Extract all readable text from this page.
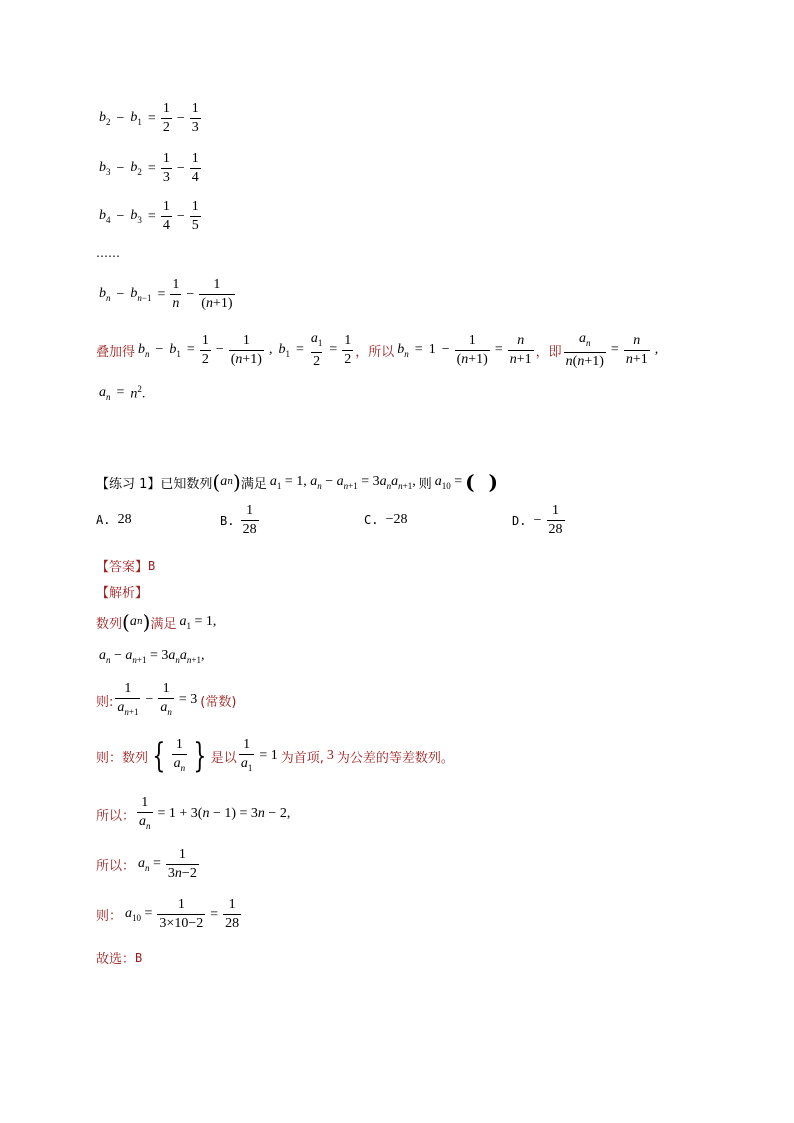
$b_2 - b_1 = \frac{1}{2} - \frac{1}{3}$
$b_3 - b_2 = \frac{1}{3} - \frac{1}{4}$
$b_4 - b_3 = \frac{1}{4} - \frac{1}{5}$
……
$b_n - b_{n-1} = \frac{1}{n} - \frac{1}{(n+1)}$
叠加得 $b_n - b_1 = \frac{1}{2} - \frac{1}{(n+1)}$ , $b_1 = \frac{a_1}{2} = \frac{1}{2}$ ，所以 $b_n = 1 - \frac{1}{(n+1)} = \frac{n}{n+1}$ ，即 $\frac{a_n}{n(n+1)} = \frac{n}{n+1}$ ,
$a_n = n^2$.
【练习 1】 已知数列 ( a n ) 满足 $a_1 = 1$, $a_n - a_{n+1} = 3a_na_{n+1}$, 则 $a_{10}$ = (  )
A.
28	B.
$\frac{1}{28}$	C.
−28	D.
− $\frac{1}{28}$
【答案】 B
【解析】
数列 ( a n ) 满足 $a_1 = 1$,
$a_n - a_{n+1} = 3a_na_{n+1}$,
则: $\frac{1}{a_{n+1}} - \frac{1}{a_n} = 3$ (常数)
则：数列 { $\frac{1}{a_n}$ } 是以 $\frac{1}{a_1} = 1$ 为首项, 3 为公差的等差数列。
所以： $\frac{1}{a_n} = 1 + 3(n - 1) = 3n - 2$,
所以： $a_n = \frac{1}{3n-2}$
则： $a_{10} = \frac{1}{3\times 10-2} = \frac{1}{28}$
故选： B
